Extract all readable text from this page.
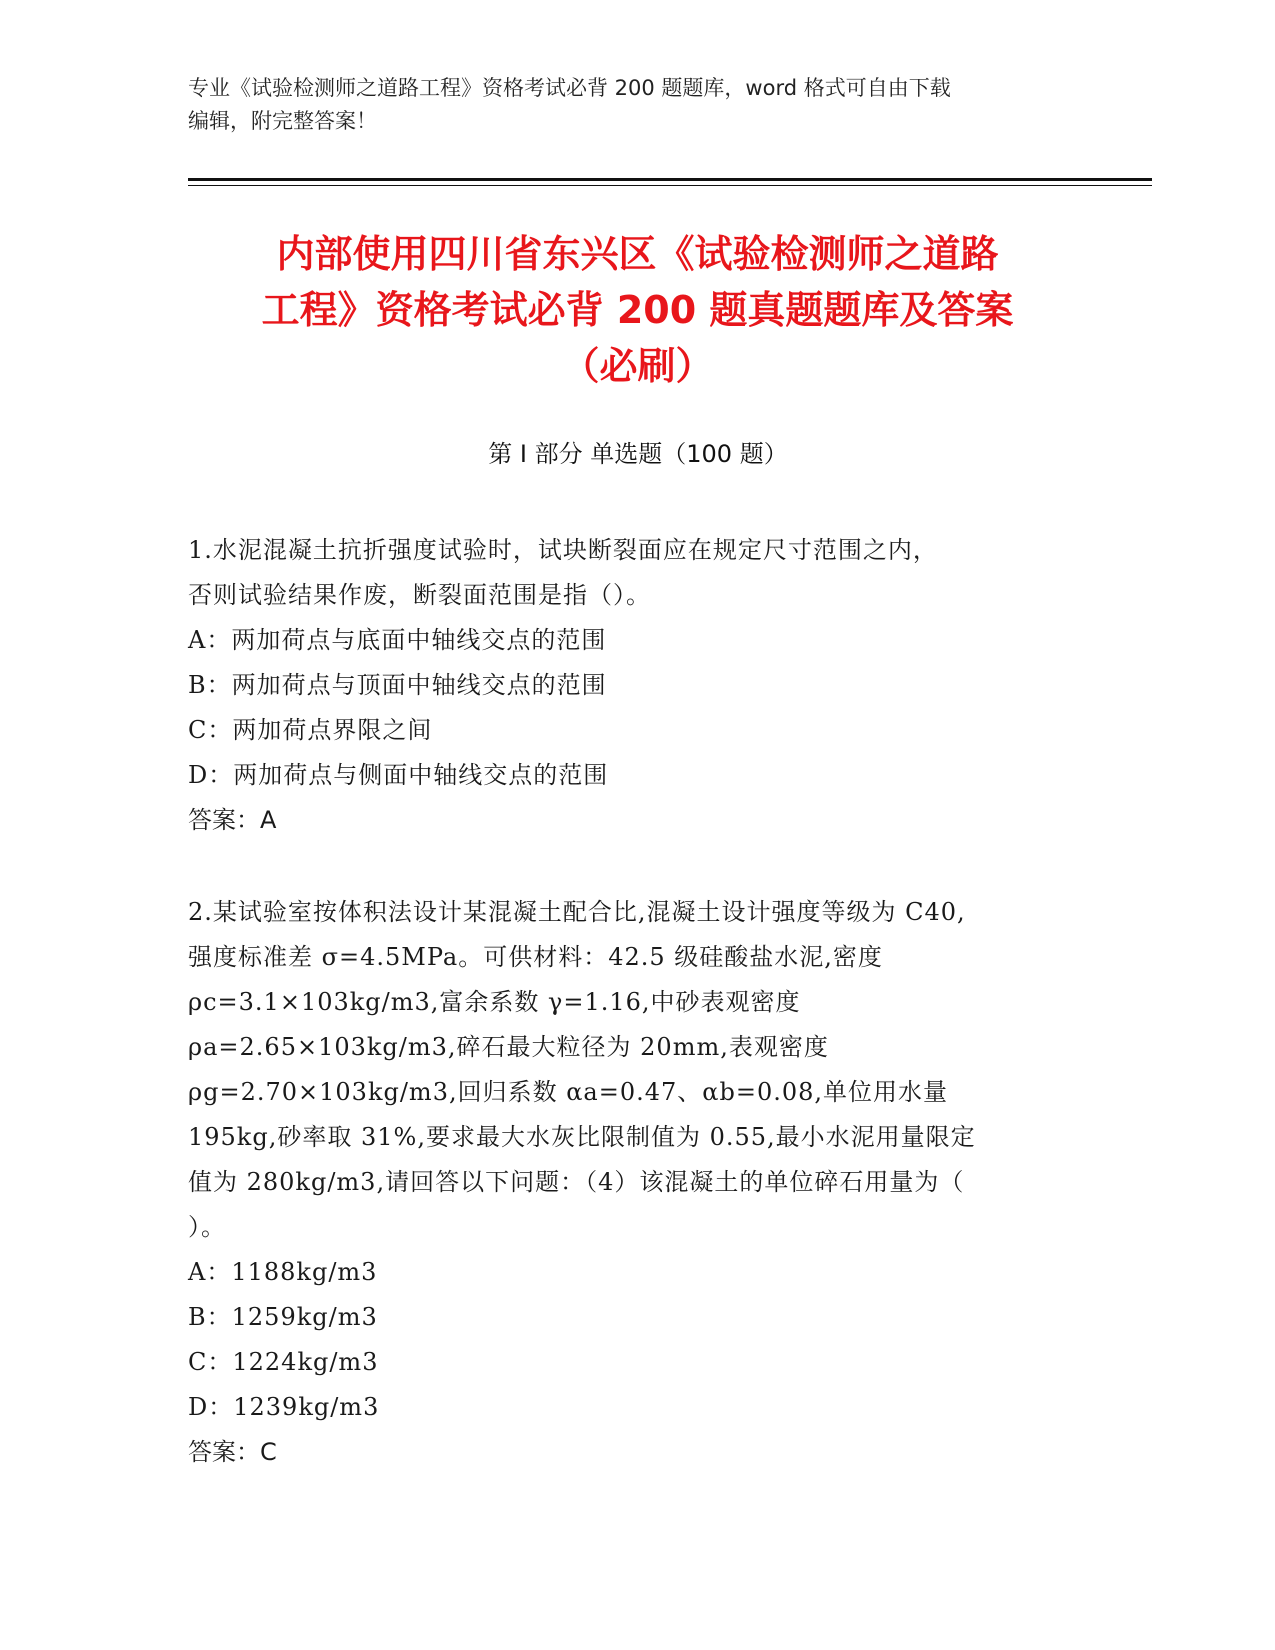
专业《试验检测师之道路工程》资格考试必背 200 题题库，word 格式可自由下载
编辑，附完整答案！
内部使用四川省东兴区《试验检测师之道路
工程》资格考试必背 200 题真题题库及答案
（必刷）
第 I 部分 单选题（100 题）

1.水泥混凝土抗折强度试验时，试块断裂面应在规定尺寸范围之内，

否则试验结果作废，断裂面范围是指（）。

A：两加荷点与底面中轴线交点的范围

B：两加荷点与顶面中轴线交点的范围

C：两加荷点界限之间

D：两加荷点与侧面中轴线交点的范围

答案：A

2.某试验室按体积法设计某混凝土配合比,混凝土设计强度等级为 C40,

强度标准差 σ=4.5MPa。可供材料：42.5 级硅酸盐水泥,密度

ρc=3.1×103kg/m3,富余系数 γ=1.16,中砂表观密度

ρa=2.65×103kg/m3,碎石最大粒径为 20mm,表观密度

ρg=2.70×103kg/m3,回归系数 αa=0.47、αb=0.08,单位用水量

195kg,砂率取 31%,要求最大水灰比限制值为 0.55,最小水泥用量限定

值为 280kg/m3,请回答以下问题：（4）该混凝土的单位碎石用量为（

）。

A：1188kg/m3

B：1259kg/m3

C：1224kg/m3

D：1239kg/m3

答案：C
